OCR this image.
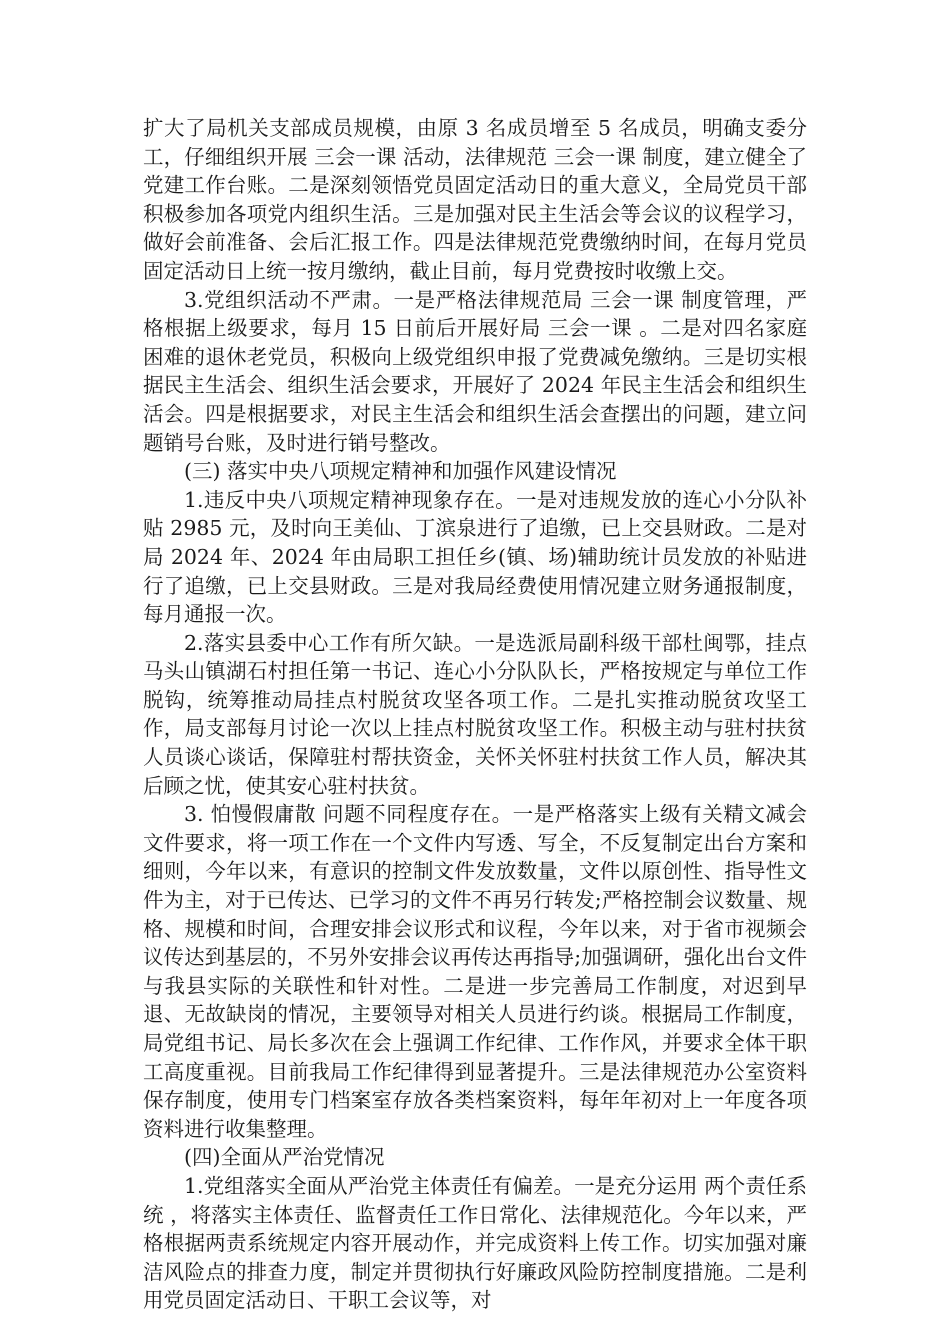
扩大了局机关支部成员规模，由原 3 名成员增至 5 名成员，明确支委分工，仔细组织开展 三会一课 活动，法律规范 三会一课 制度，建立健全了党建工作台账。二是深刻领悟党员固定活动日的重大意义，全局党员干部积极参加各项党内组织生活。三是加强对民主生活会等会议的议程学习，做好会前准备、会后汇报工作。四是法律规范党费缴纳时间，在每月党员固定活动日上统一按月缴纳，截止目前，每月党费按时收缴上交。

3.党组织活动不严肃。一是严格法律规范局 三会一课 制度管理，严格根据上级要求，每月 15 日前后开展好局 三会一课 。二是对四名家庭困难的退休老党员，积极向上级党组织申报了党费减免缴纳。三是切实根据民主生活会、组织生活会要求，开展好了 2024 年民主生活会和组织生活会。四是根据要求，对民主生活会和组织生活会查摆出的问题，建立问题销号台账，及时进行销号整改。

(三) 落实中央八项规定精神和加强作风建设情况

1.违反中央八项规定精神现象存在。一是对违规发放的连心小分队补贴 2985 元，及时向王美仙、丁滨泉进行了追缴，已上交县财政。二是对局 2024 年、2024 年由局职工担任乡(镇、场)辅助统计员发放的补贴进行了追缴，已上交县财政。三是对我局经费使用情况建立财务通报制度，每月通报一次。

2.落实县委中心工作有所欠缺。一是选派局副科级干部杜闽鄂，挂点马头山镇湖石村担任第一书记、连心小分队队长，严格按规定与单位工作脱钩，统筹推动局挂点村脱贫攻坚各项工作。二是扎实推动脱贫攻坚工作，局支部每月讨论一次以上挂点村脱贫攻坚工作。积极主动与驻村扶贫人员谈心谈话，保障驻村帮扶资金，关怀关怀驻村扶贫工作人员，解决其后顾之忧，使其安心驻村扶贫。

3. 怕慢假庸散 问题不同程度存在。一是严格落实上级有关精文减会文件要求，将一项工作在一个文件内写透、写全，不反复制定出台方案和细则，今年以来，有意识的控制文件发放数量，文件以原创性、指导性文件为主，对于已传达、已学习的文件不再另行转发;严格控制会议数量、规格、规模和时间，合理安排会议形式和议程，今年以来，对于省市视频会议传达到基层的，不另外安排会议再传达再指导;加强调研，强化出台文件与我县实际的关联性和针对性。二是进一步完善局工作制度，对迟到早退、无故缺岗的情况，主要领导对相关人员进行约谈。根据局工作制度，局党组书记、局长多次在会上强调工作纪律、工作作风，并要求全体干职工高度重视。目前我局工作纪律得到显著提升。三是法律规范办公室资料保存制度，使用专门档案室存放各类档案资料，每年年初对上一年度各项资料进行收集整理。

(四)全面从严治党情况

1.党组落实全面从严治党主体责任有偏差。一是充分运用 两个责任系统 ，将落实主体责任、监督责任工作日常化、法律规范化。今年以来，严格根据两责系统规定内容开展动作，并完成资料上传工作。切实加强对廉洁风险点的排查力度，制定并贯彻执行好廉政风险防控制度措施。二是利用党员固定活动日、干职工会议等，对
